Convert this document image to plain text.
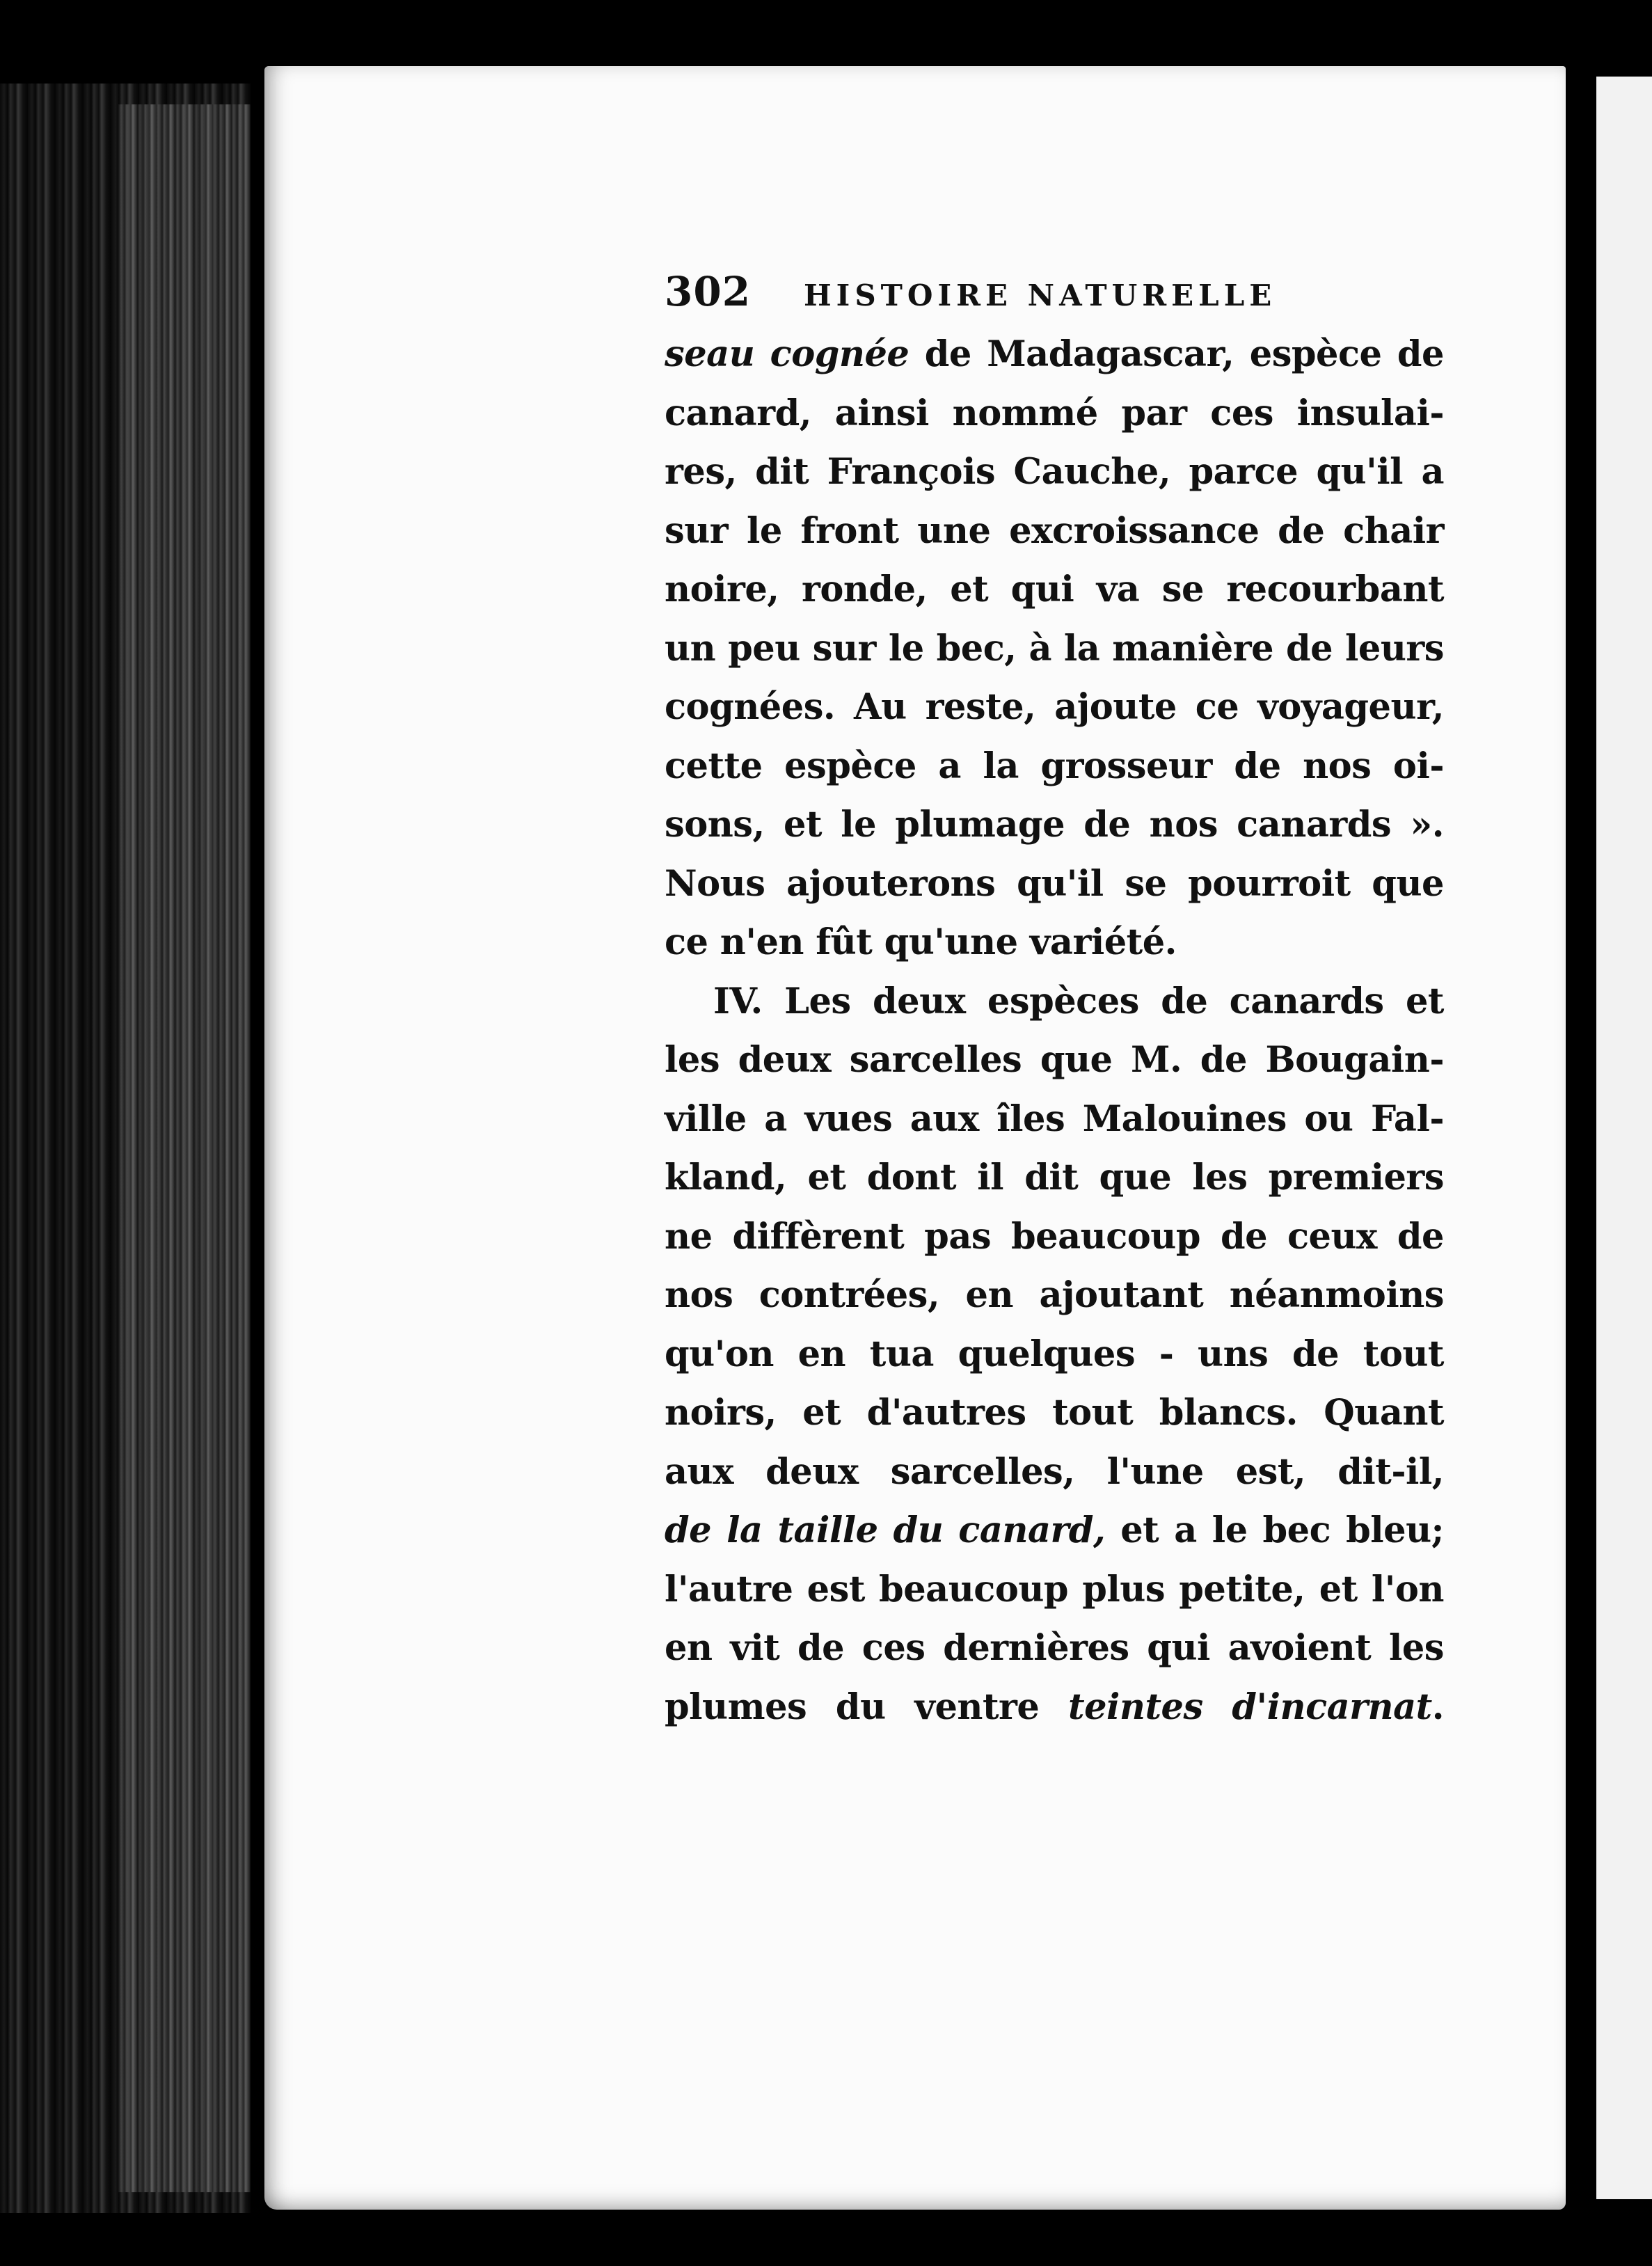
302	HISTOIRE NATURELLE
seau cognée de Madagascar, espèce de
canard, ainsi nommé par ces insulai-
res, dit François Cauche, parce qu'il a
sur le front une excroissance de chair
noire, ronde, et qui va se recourbant
un peu sur le bec, à la manière de leurs
cognées. Au reste, ajoute ce voyageur,
cette espèce a la grosseur de nos oi-
sons, et le plumage de nos canards ».
Nous ajouterons qu'il se pourroit que
ce n'en fût qu'une variété.
IV. Les deux espèces de canards et
les deux sarcelles que M. de Bougain-
ville a vues aux îles Malouines ou Fal-
kland, et dont il dit que les premiers
ne diffèrent pas beaucoup de ceux de
nos contrées, en ajoutant néanmoins
qu'on en tua quelques - uns de tout
noirs, et d'autres tout blancs. Quant
aux deux sarcelles, l'une est, dit-il,
de la taille du canard, et a le bec bleu;
l'autre est beaucoup plus petite, et l'on
en vit de ces dernières qui avoient les
plumes du ventre teintes d'incarnat.
